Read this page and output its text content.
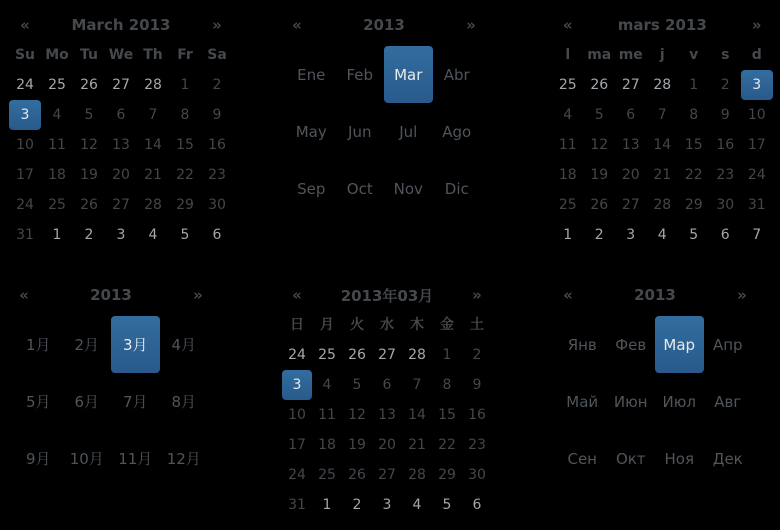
«	March 2013	»
Su Mo Tu We Th	Fr	Sa
24	25	26	27	28	1	2
3	4	5	6	7	8	9
10	11	12	13	14	15	16
17	18	19	20	21	22	23
24	25	26	27	28	29	30
31	1	2	3	4	5	6
«	2013	»
Ene	Feb	Mar	Abr
May	Jun	Jul	Ago
Sep	Oct	Nov	Dic
«	mars 2013	»
l	ma me	j	v	s	d
25 26 27 28	1	2	3
4	5	6	7	8	9	10
11 12 13 14 15 16 17
18 19 20 21 22 23 24
25 26 27 28 29 30 31
1	2	3	4	5	6	7
«	2013	»
1月	2月	3月	4月
5月	6月	7月	8月
9月	10月 11月 12月
«	2013年03月	»
日	月	火	水	木	金	土
24 25 26 27 28	1	2
3	4	5	6	7	8	9
10 11 12 13 14 15 16
17 18 19 20 21 22 23
24 25 26 27 28 29 30
31	1	2	3	4	5	6
«	2013	»
Янв	Фев	Мар	Апр
Май	Июн Июл	Авг
Сен	Окт	Ноя	Дек
